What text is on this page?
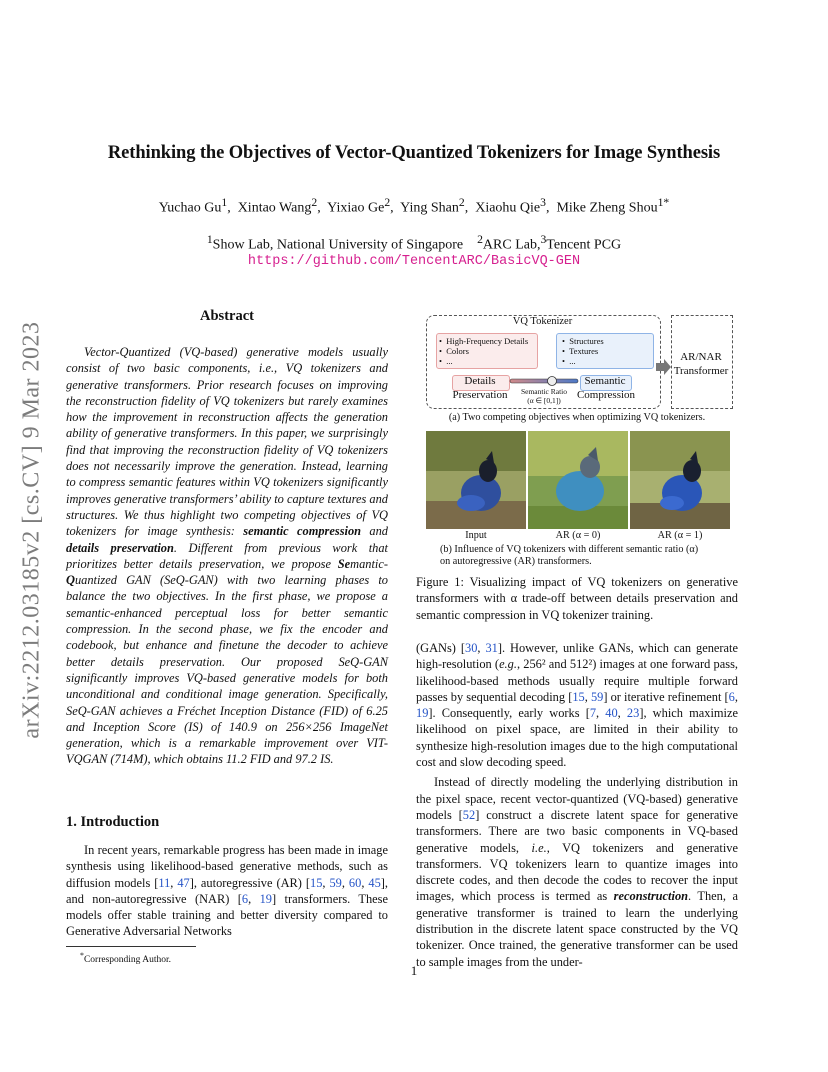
Rethinking the Objectives of Vector-Quantized Tokenizers for Image Synthesis
Yuchao Gu$^1$,  Xintao Wang$^2$,  Yixiao Ge$^2$,  Ying Shan$^2$,  Xiaohu Qie$^3$,  Mike Zheng Shou$^{1*}$
$^1$Show Lab, National University of Singapore $^2$ARC Lab,$^3$Tencent PCG
https://github.com/TencentARC/BasicVQ-GEN
arXiv:2212.03185v2 [cs.CV] 9 Mar 2023
Abstract

Vector-Quantized (VQ-based) generative models usually consist of two basic components, i.e., VQ tokenizers and generative transformers. Prior research focuses on improving the reconstruction fidelity of VQ tokenizers but rarely examines how the improvement in reconstruction affects the generation ability of generative transformers. In this paper, we surprisingly find that improving the reconstruction fidelity of VQ tokenizers does not necessarily improve the generation. Instead, learning to compress semantic features within VQ tokenizers significantly improves generative transformers’ ability to capture textures and structures. We thus highlight two competing objectives of VQ tokenizers for image synthesis: semantic compression and details preservation. Different from previous work that prioritizes better details preservation, we propose Semantic-Quantized GAN (SeQ-GAN) with two learning phases to balance the two objectives. In the first phase, we propose a semantic-enhanced perceptual loss for better semantic compression. In the second phase, we fix the encoder and codebook, but enhance and finetune the decoder to achieve better details preservation. Our proposed SeQ-GAN significantly improves VQ-based generative models for both unconditional and conditional image generation. Specifically, SeQ-GAN achieves a Fréchet Inception Distance (FID) of 6.25 and Inception Score (IS) of 140.9 on 256×256 ImageNet generation, which is a remarkable improvement over VIT-VQGAN (714M), which obtains 11.2 FID and 97.2 IS.

1. Introduction

In recent years, remarkable progress has been made in image synthesis using likelihood-based generative methods, such as diffusion models [11, 47], autoregressive (AR) [15, 59, 60, 45], and non-autoregressive (NAR) [6, 19] transformers. These models offer stable training and better diversity compared to Generative Adversarial Networks

*Corresponding Author.
1
VQ Tokenizer
•  High-Frequency Details
•  Colors
•  ...
•  Structures
•  Textures
•  ...
Details
Preservation
Semantic
Compression
Semantic Ratio
(α ∈ [0,1])
AR/NAR
Transformer
(a) Two competing objectives when optimizing VQ tokenizers.
Input	AR (α = 0)	AR (α = 1)
(b) Influence of VQ tokenizers with different semantic ratio (α)
on autoregressive (AR) transformers.
Figure 1: Visualizing impact of VQ tokenizers on generative transformers with α trade-off between details preservation and semantic compression in VQ tokenizer training.

(GANs) [30, 31]. However, unlike GANs, which can generate high-resolution (e.g., 256² and 512²) images at one forward pass, likelihood-based methods usually require multiple forward passes by sequential decoding [15, 59] or iterative refinement [6, 19]. Consequently, early works [7, 40, 23], which maximize likelihood on pixel space, are limited in their ability to synthesize high-resolution images due to the high computational cost and slow decoding speed.

Instead of directly modeling the underlying distribution in the pixel space, recent vector-quantized (VQ-based) generative models [52] construct a discrete latent space for generative transformers. There are two basic components in VQ-based generative models, i.e., VQ tokenizers and generative transformers. VQ tokenizers learn to quantize images into discrete codes, and then decode the codes to recover the input images, which process is termed as reconstruction. Then, a generative transformer is trained to learn the underlying distribution in the discrete latent space constructed by the VQ tokenizer. Once trained, the generative transformer can be used to sample images from the under-
